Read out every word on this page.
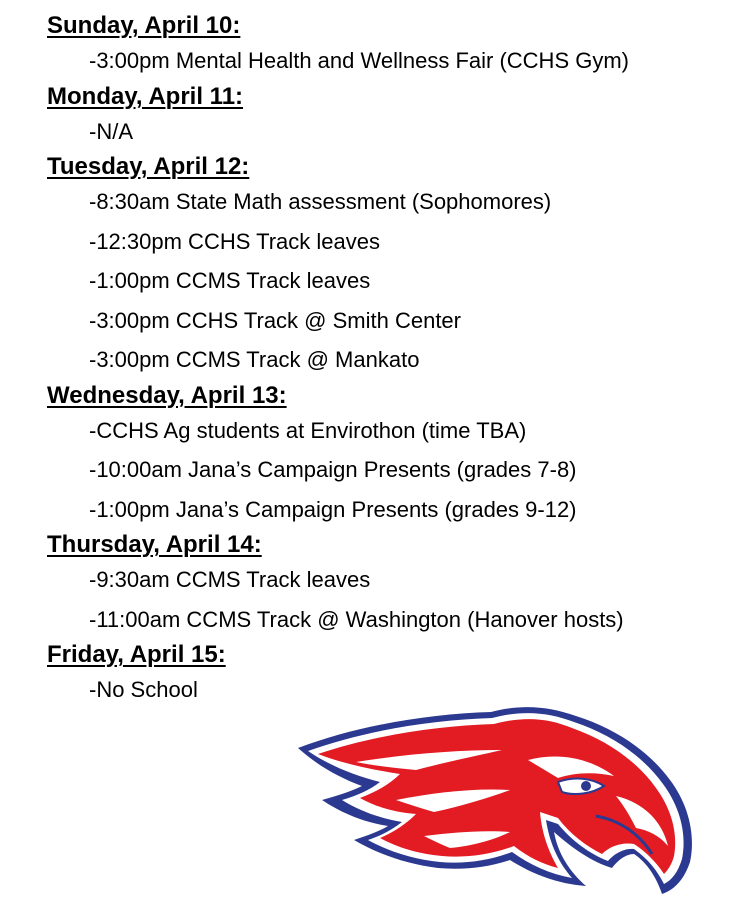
Sunday, April 10:
-3:00pm Mental Health and Wellness Fair (CCHS Gym)
Monday, April 11:
-N/A
Tuesday, April 12:
-8:30am State Math assessment (Sophomores)
-12:30pm CCHS Track leaves
-1:00pm CCMS Track leaves
-3:00pm CCHS Track @ Smith Center
-3:00pm CCMS Track @ Mankato
Wednesday, April 13:
-CCHS Ag students at Envirothon (time TBA)
-10:00am Jana’s Campaign Presents (grades 7-8)
-1:00pm Jana’s Campaign Presents (grades 9-12)
Thursday, April 14:
-9:30am CCMS Track leaves
-11:00am CCMS Track @ Washington (Hanover hosts)
Friday, April 15:
-No School
